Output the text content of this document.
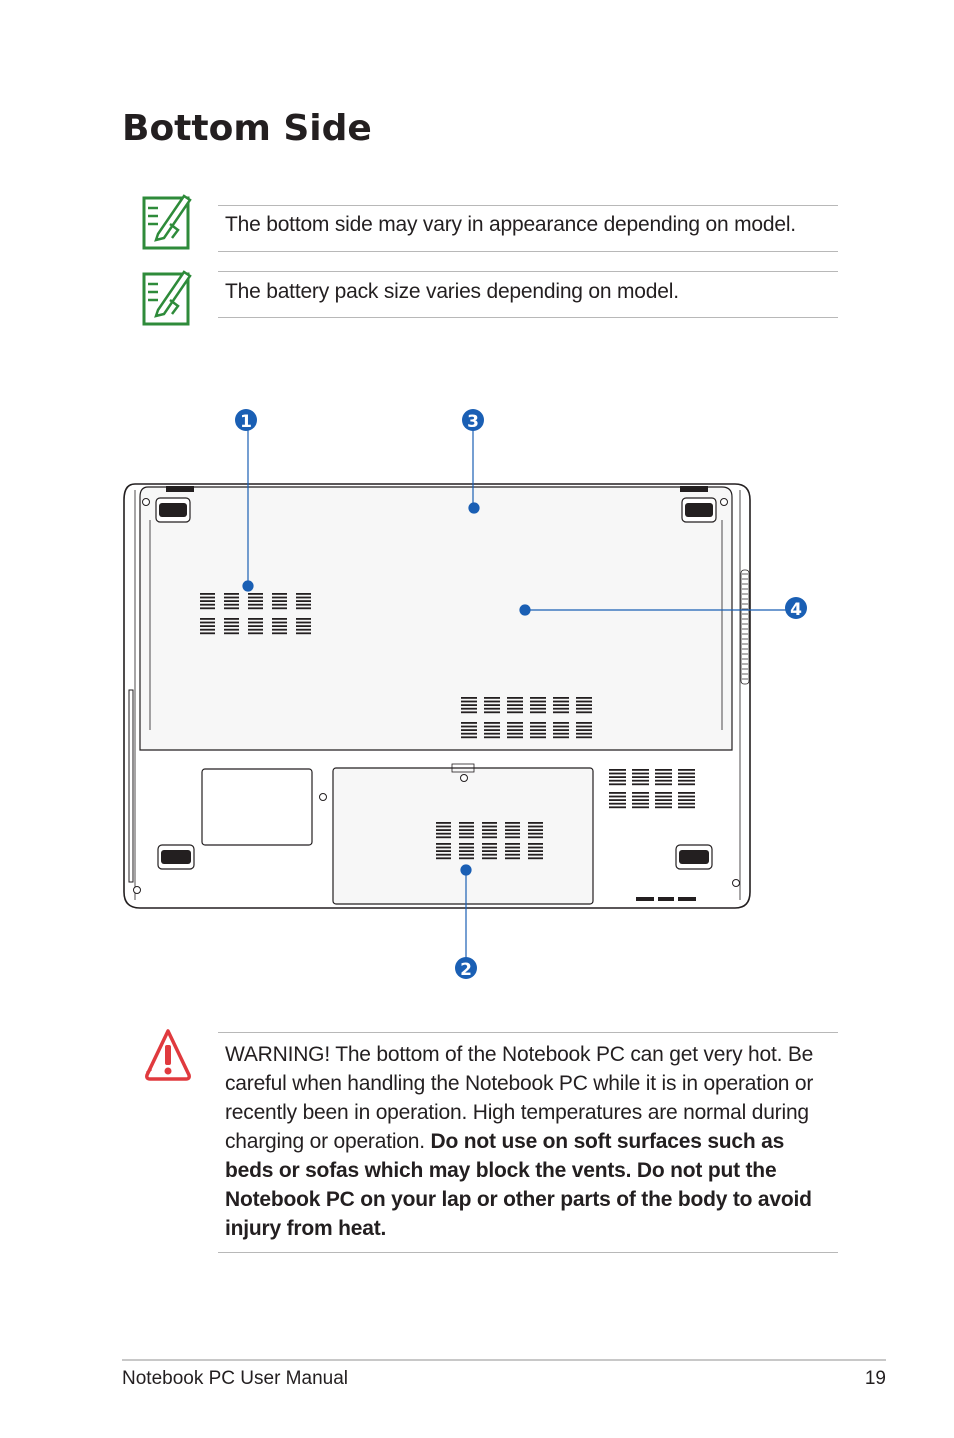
Bottom Side
The bottom side may vary in appearance depending on model.
The battery pack size varies depending on model.
1	3
4
2
WARNING! The bottom of the Notebook PC can get very hot. Be careful when handling the Notebook PC while it is in operation or recently been in operation. High temperatures are normal during charging or operation. Do not use on soft surfaces such as beds or sofas which may block the vents. Do not put the Notebook PC on your lap or other parts of the body to avoid injury from heat.
Notebook PC User Manual	19
